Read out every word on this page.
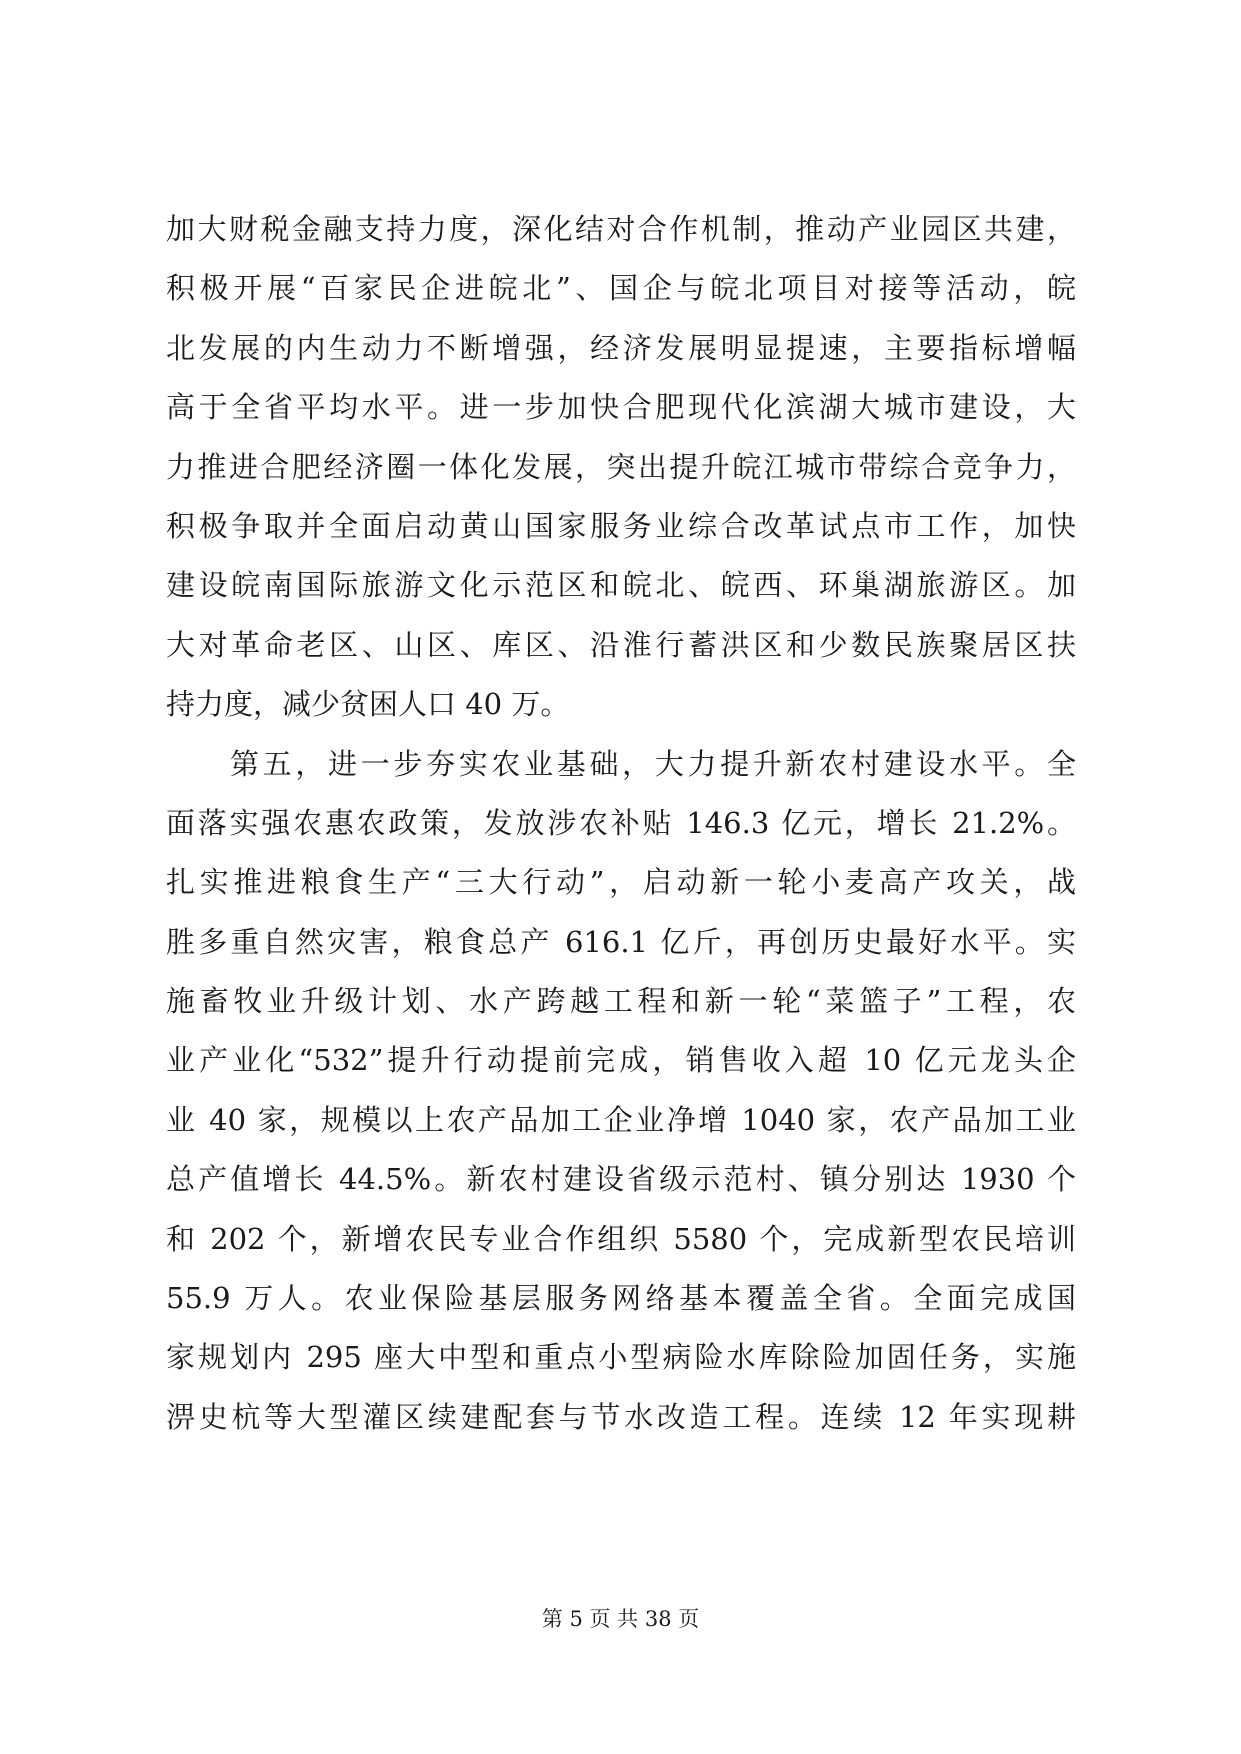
加大财税金融支持力度，深化结对合作机制，推动产业园区共建，
积极开展“百家民企进皖北”、国企与皖北项目对接等活动，皖
北发展的内生动力不断增强，经济发展明显提速，主要指标增幅
高于全省平均水平。进一步加快合肥现代化滨湖大城市建设，大
力推进合肥经济圈一体化发展，突出提升皖江城市带综合竞争力，
积极争取并全面启动黄山国家服务业综合改革试点市工作，加快
建设皖南国际旅游文化示范区和皖北、皖西、环巢湖旅游区。加
大对革命老区、山区、库区、沿淮行蓄洪区和少数民族聚居区扶
持力度，减少贫困人口 40 万。
第五，进一步夯实农业基础，大力提升新农村建设水平。全
面落实强农惠农政策，发放涉农补贴 146.3 亿元，增长 21.2%。
扎实推进粮食生产“三大行动”，启动新一轮小麦高产攻关，战
胜多重自然灾害，粮食总产 616.1 亿斤，再创历史最好水平。实
施畜牧业升级计划、水产跨越工程和新一轮“菜篮子”工程，农
业产业化“532”提升行动提前完成，销售收入超 10 亿元龙头企
业 40 家，规模以上农产品加工企业净增 1040 家，农产品加工业
总产值增长 44.5%。新农村建设省级示范村、镇分别达 1930 个
和 202 个，新增农民专业合作组织 5580 个，完成新型农民培训
55.9 万人。农业保险基层服务网络基本覆盖全省。全面完成国
家规划内 295 座大中型和重点小型病险水库除险加固任务，实施
淠史杭等大型灌区续建配套与节水改造工程。连续 12 年实现耕
第 5 页 共 38 页
